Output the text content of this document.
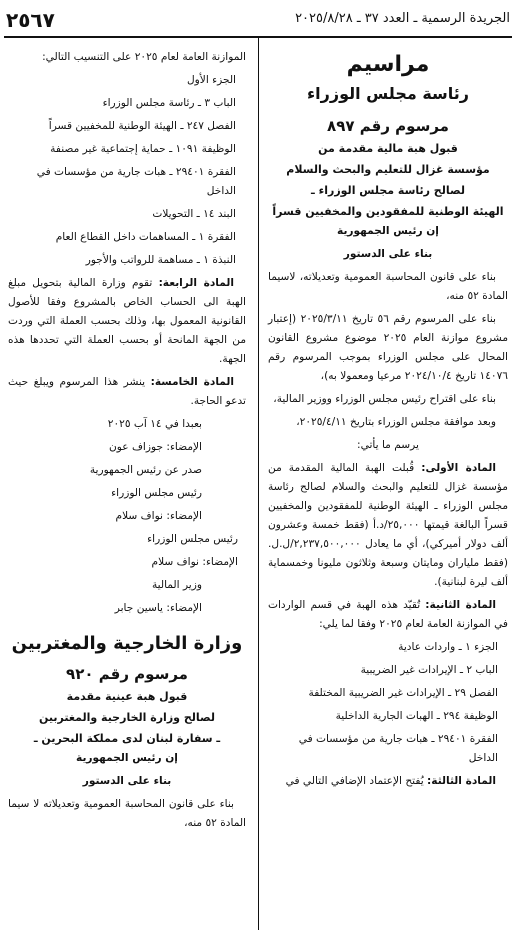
٢٥٦٧	الجريدة الرسمية ـ العدد ٣٧ ـ ٢٠٢٥/٨/٢٨
مراسيم
رئاسة مجلس الوزراء
مرسوم رقم ٨٩٧
قبول هبة مالية مقدمة من
مؤسسة غزال للتعليم والبحث والسلام
لصالح رئاسة مجلس الوزراء ـ
الهيئة الوطنية للمفقودين والمخفيين قسراً

إن رئيس الجمهورية

بناء على الدستور

بناء على قانون المحاسبة العمومية وتعديلاته، لاسيما المادة ٥٢ منه،

بناء على المرسوم رقم ٥٦ تاريخ ٢٠٢٥/٣/١١ (إعتبار مشروع موازنة العام ٢٠٢٥ موضوع مشروع القانون المحال على مجلس الوزراء بموجب المرسوم رقم ١٤٠٧٦ تاريخ ٢٠٢٤/١٠/٤ مرعيا ومعمولا به)،

بناء على اقتراح رئيس مجلس الوزراء ووزير المالية،

وبعد موافقة مجلس الوزراء بتاريخ ٢٠٢٥/٤/١١،

يرسم ما يأتي:

المادة الأولى: قُبلت الهبة المالية المقدمة من مؤسسة غزال للتعليم والبحث والسلام لصالح رئاسة مجلس الوزراء ـ الهيئة الوطنية للمفقودين والمخفيين قسراً البالغة قيمتها ٢٥,٠٠٠/د.أ (فقط خمسة وعشرون ألف دولار أميركي)، أي ما يعادل ٢,٢٣٧,٥٠٠,٠٠٠/ل.ل. (فقط ملياران ومايتان وسبعة وثلاثون مليونا وخمسماية ألف ليرة لبنانية).

المادة الثانية: تُقيّد هذه الهبة في قسم الواردات في الموازنة العامة لعام ٢٠٢٥ وفقا لما يلي:

الجزء ١ ـ واردات عادية

الباب ٢ ـ الإيرادات غير الضريبية

الفصل ٢٩ ـ الإيرادات غير الضريبية المختلفة

الوظيفة ٢٩٤ ـ الهبات الجارية الداخلية

الفقرة ٢٩٤٠١ ـ هبات جارية من مؤسسات في الداخل

المادة الثالثة: يُفتح الإعتماد الإضافي التالي في

الموازنة العامة لعام ٢٠٢٥ على التنسيب التالي:

الجزء الأول

الباب ٣ ـ رئاسة مجلس الوزراء

الفصل ٢٤٧ ـ الهيئة الوطنية للمخفيين قسراً

الوظيفة ١٠٩١ ـ حماية إجتماعية غير مصنفة

الفقرة ٢٩٤٠١ ـ هبات جارية من مؤسسات في الداخل

البند ١٤ ـ التحويلات

الفقرة ١ ـ المساهمات داخل القطاع العام

النبذة ١ ـ مساهمة للرواتب والأجور

المادة الرابعة: تقوم وزارة المالية بتحويل مبلغ الهبة الى الحساب الخاص بالمشروع وفقا للأصول القانونية المعمول بها، وذلك بحسب العملة التي وردت من الجهة المانحة أو بحسب العملة التي تحددها هذه الجهة.

المادة الخامسة: ينشر هذا المرسوم ويبلغ حيث تدعو الحاجة.

بعبدا في ١٤ آب ٢٠٢٥

الإمضاء: جوزاف عون

صدر عن رئيس الجمهورية

رئيس مجلس الوزراء

الإمضاء: نواف سلام

رئيس مجلس الوزراء

الإمضاء: نواف سلام

وزير المالية

الإمضاء: ياسين جابر

وزارة الخارجية والمغتربين
مرسوم رقم ٩٢٠
قبول هبة عينية مقدمة
لصالح وزارة الخارجية والمغتربين
ـ سفارة لبنان لدى مملكة البحرين ـ

إن رئيس الجمهورية

بناء على الدستور

بناء على قانون المحاسبة العمومية وتعديلاته لا سيما المادة ٥٢ منه،
